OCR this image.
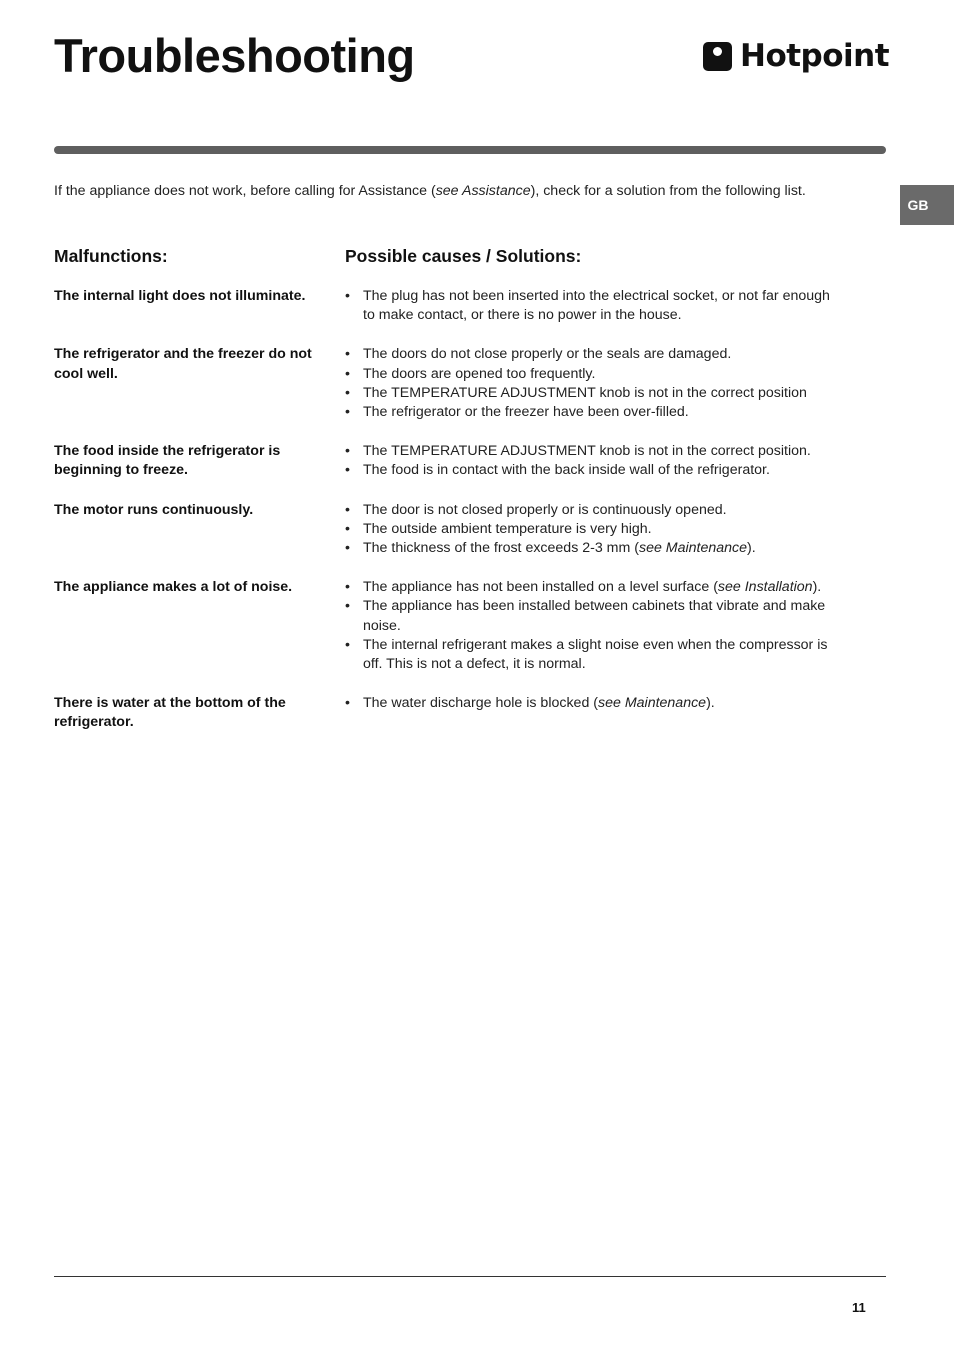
Troubleshooting	Hotpoint
GB

If the appliance does not work, before calling for Assistance (see Assistance), check for a solution from the following list.

Malfunctions:	Possible causes / Solutions:
The internal light does not illuminate.	• The plug has not been inserted into the electrical socket, or not far enough to make contact, or there is no power in the house.
The refrigerator and the freezer do not cool well.
• The doors do not close properly or the seals are damaged.
• The doors are opened too frequently.
• The TEMPERATURE ADJUSTMENT knob is not in the correct position
• The refrigerator or the freezer have been over-filled.
The food inside the refrigerator is beginning to freeze.
• The TEMPERATURE ADJUSTMENT knob is not in the correct position.
• The food is in contact with the back inside wall of the refrigerator.
The motor runs continuously.	• The door is not closed properly or is continuously opened.
• The outside ambient temperature is very high.
• The thickness of the frost exceeds 2-3 mm (see Maintenance).
The appliance makes a lot of noise.	• The appliance has not been installed on a level surface (see Installation).
• The appliance has been installed between cabinets that vibrate and make noise.
• The internal refrigerant makes a slight noise even when the compressor is off. This is not a defect, it is normal.
There is water at the bottom of the refrigerator.
• The water discharge hole is blocked (see Maintenance).
11
